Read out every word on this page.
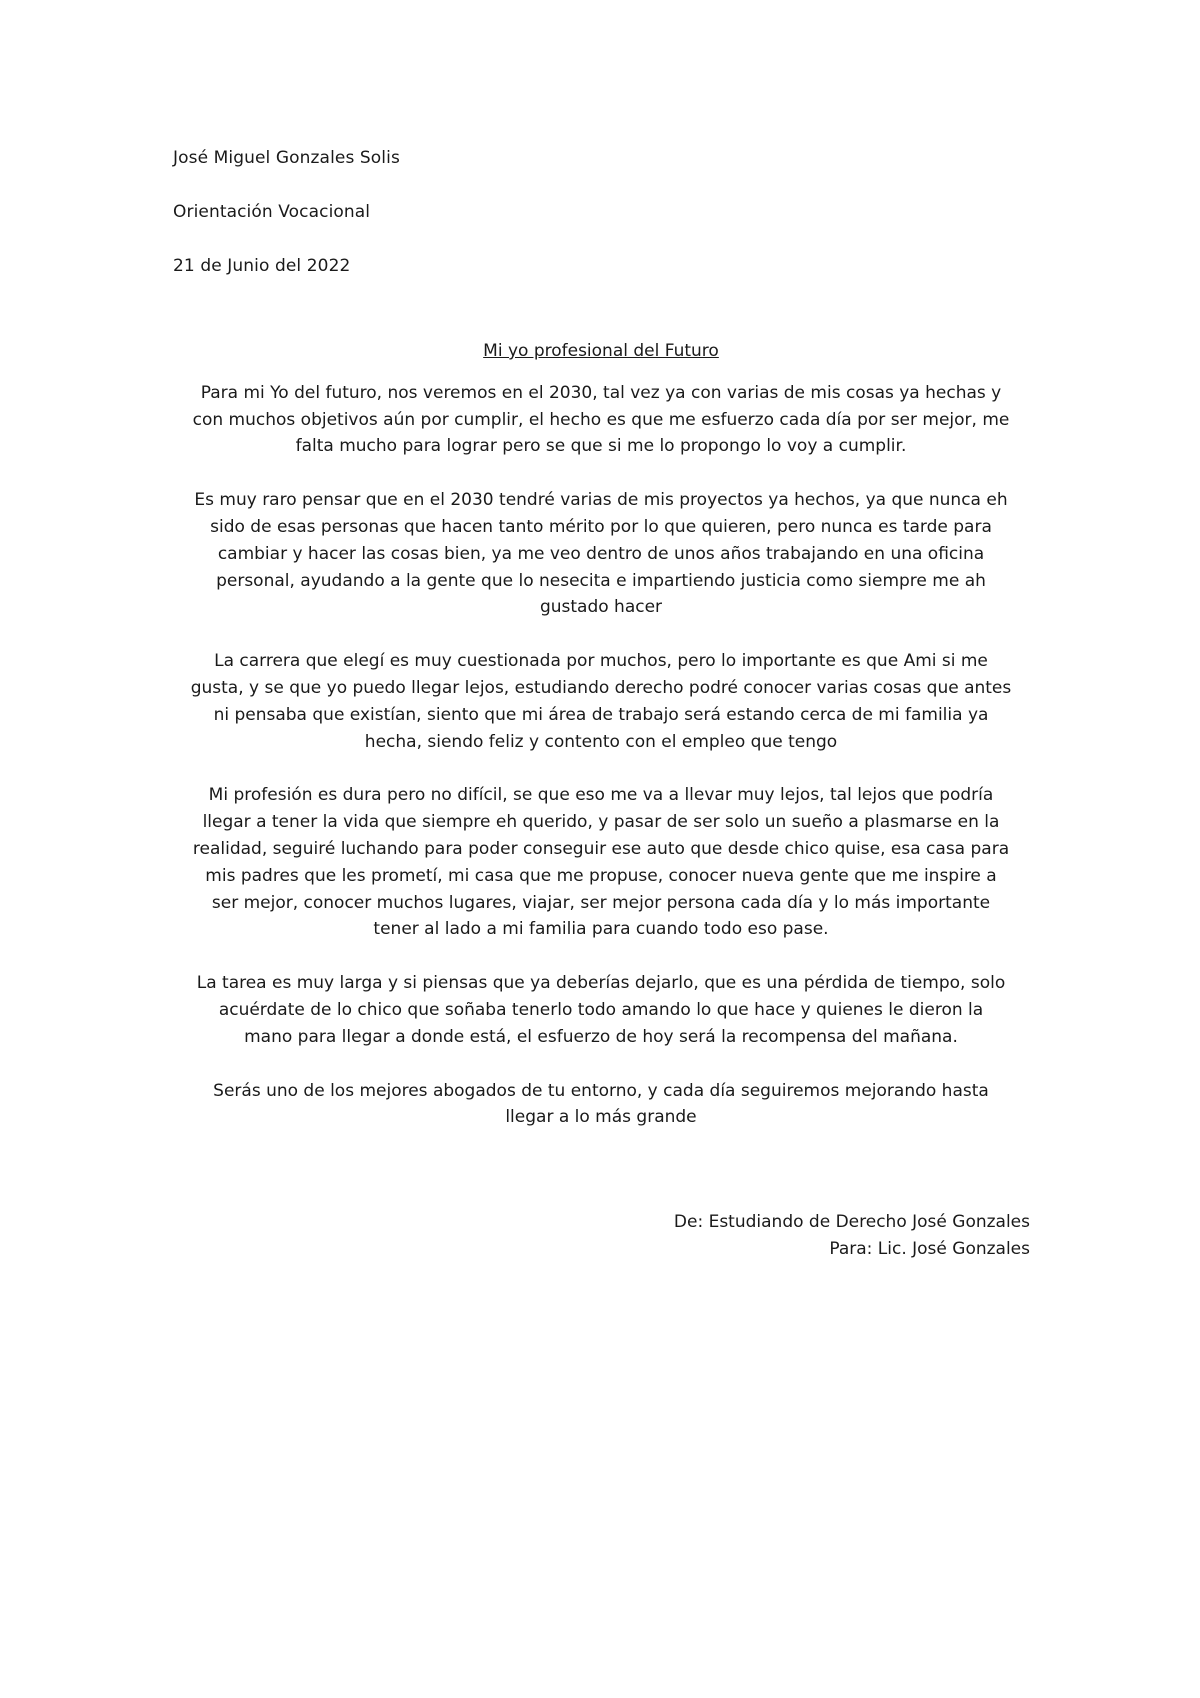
José Miguel Gonzales Solis
Orientación Vocacional
21 de Junio del 2022
Mi yo profesional del Futuro
Para mi Yo del futuro, nos veremos en el 2030, tal vez ya con varias de mis cosas ya hechas y
con muchos objetivos aún por cumplir, el hecho es que me esfuerzo cada día por ser mejor, me
falta mucho para lograr pero se que si me lo propongo lo voy a cumplir.
Es muy raro pensar que en el 2030 tendré varias de mis proyectos ya hechos, ya que nunca eh
sido de esas personas que hacen tanto mérito por lo que quieren, pero nunca es tarde para
cambiar y hacer las cosas bien, ya me veo dentro de unos años trabajando en una oficina
personal, ayudando a la gente que lo nesecita e impartiendo justicia como siempre me ah
gustado hacer
La carrera que elegí es muy cuestionada por muchos, pero lo importante es que Ami si me
gusta, y se que yo puedo llegar lejos, estudiando derecho podré conocer varias cosas que antes
ni pensaba que existían, siento que mi área de trabajo será estando cerca de mi familia ya
hecha, siendo feliz y contento con el empleo que tengo
Mi profesión es dura pero no difícil, se que eso me va a llevar muy lejos, tal lejos que podría
llegar a tener la vida que siempre eh querido, y pasar de ser solo un sueño a plasmarse en la
realidad, seguiré luchando para poder conseguir ese auto que desde chico quise, esa casa para
mis padres que les prometí, mi casa que me propuse, conocer nueva gente que me inspire a
ser mejor, conocer muchos lugares, viajar, ser mejor persona cada día y lo más importante
tener al lado a mi familia para cuando todo eso pase.
La tarea es muy larga y si piensas que ya deberías dejarlo, que es una pérdida de tiempo, solo
acuérdate de lo chico que soñaba tenerlo todo amando lo que hace y quienes le dieron la
mano para llegar a donde está, el esfuerzo de hoy será la recompensa del mañana.
Serás uno de los mejores abogados de tu entorno, y cada día seguiremos mejorando hasta
llegar a lo más grande
De: Estudiando de Derecho José Gonzales
Para: Lic. José Gonzales
